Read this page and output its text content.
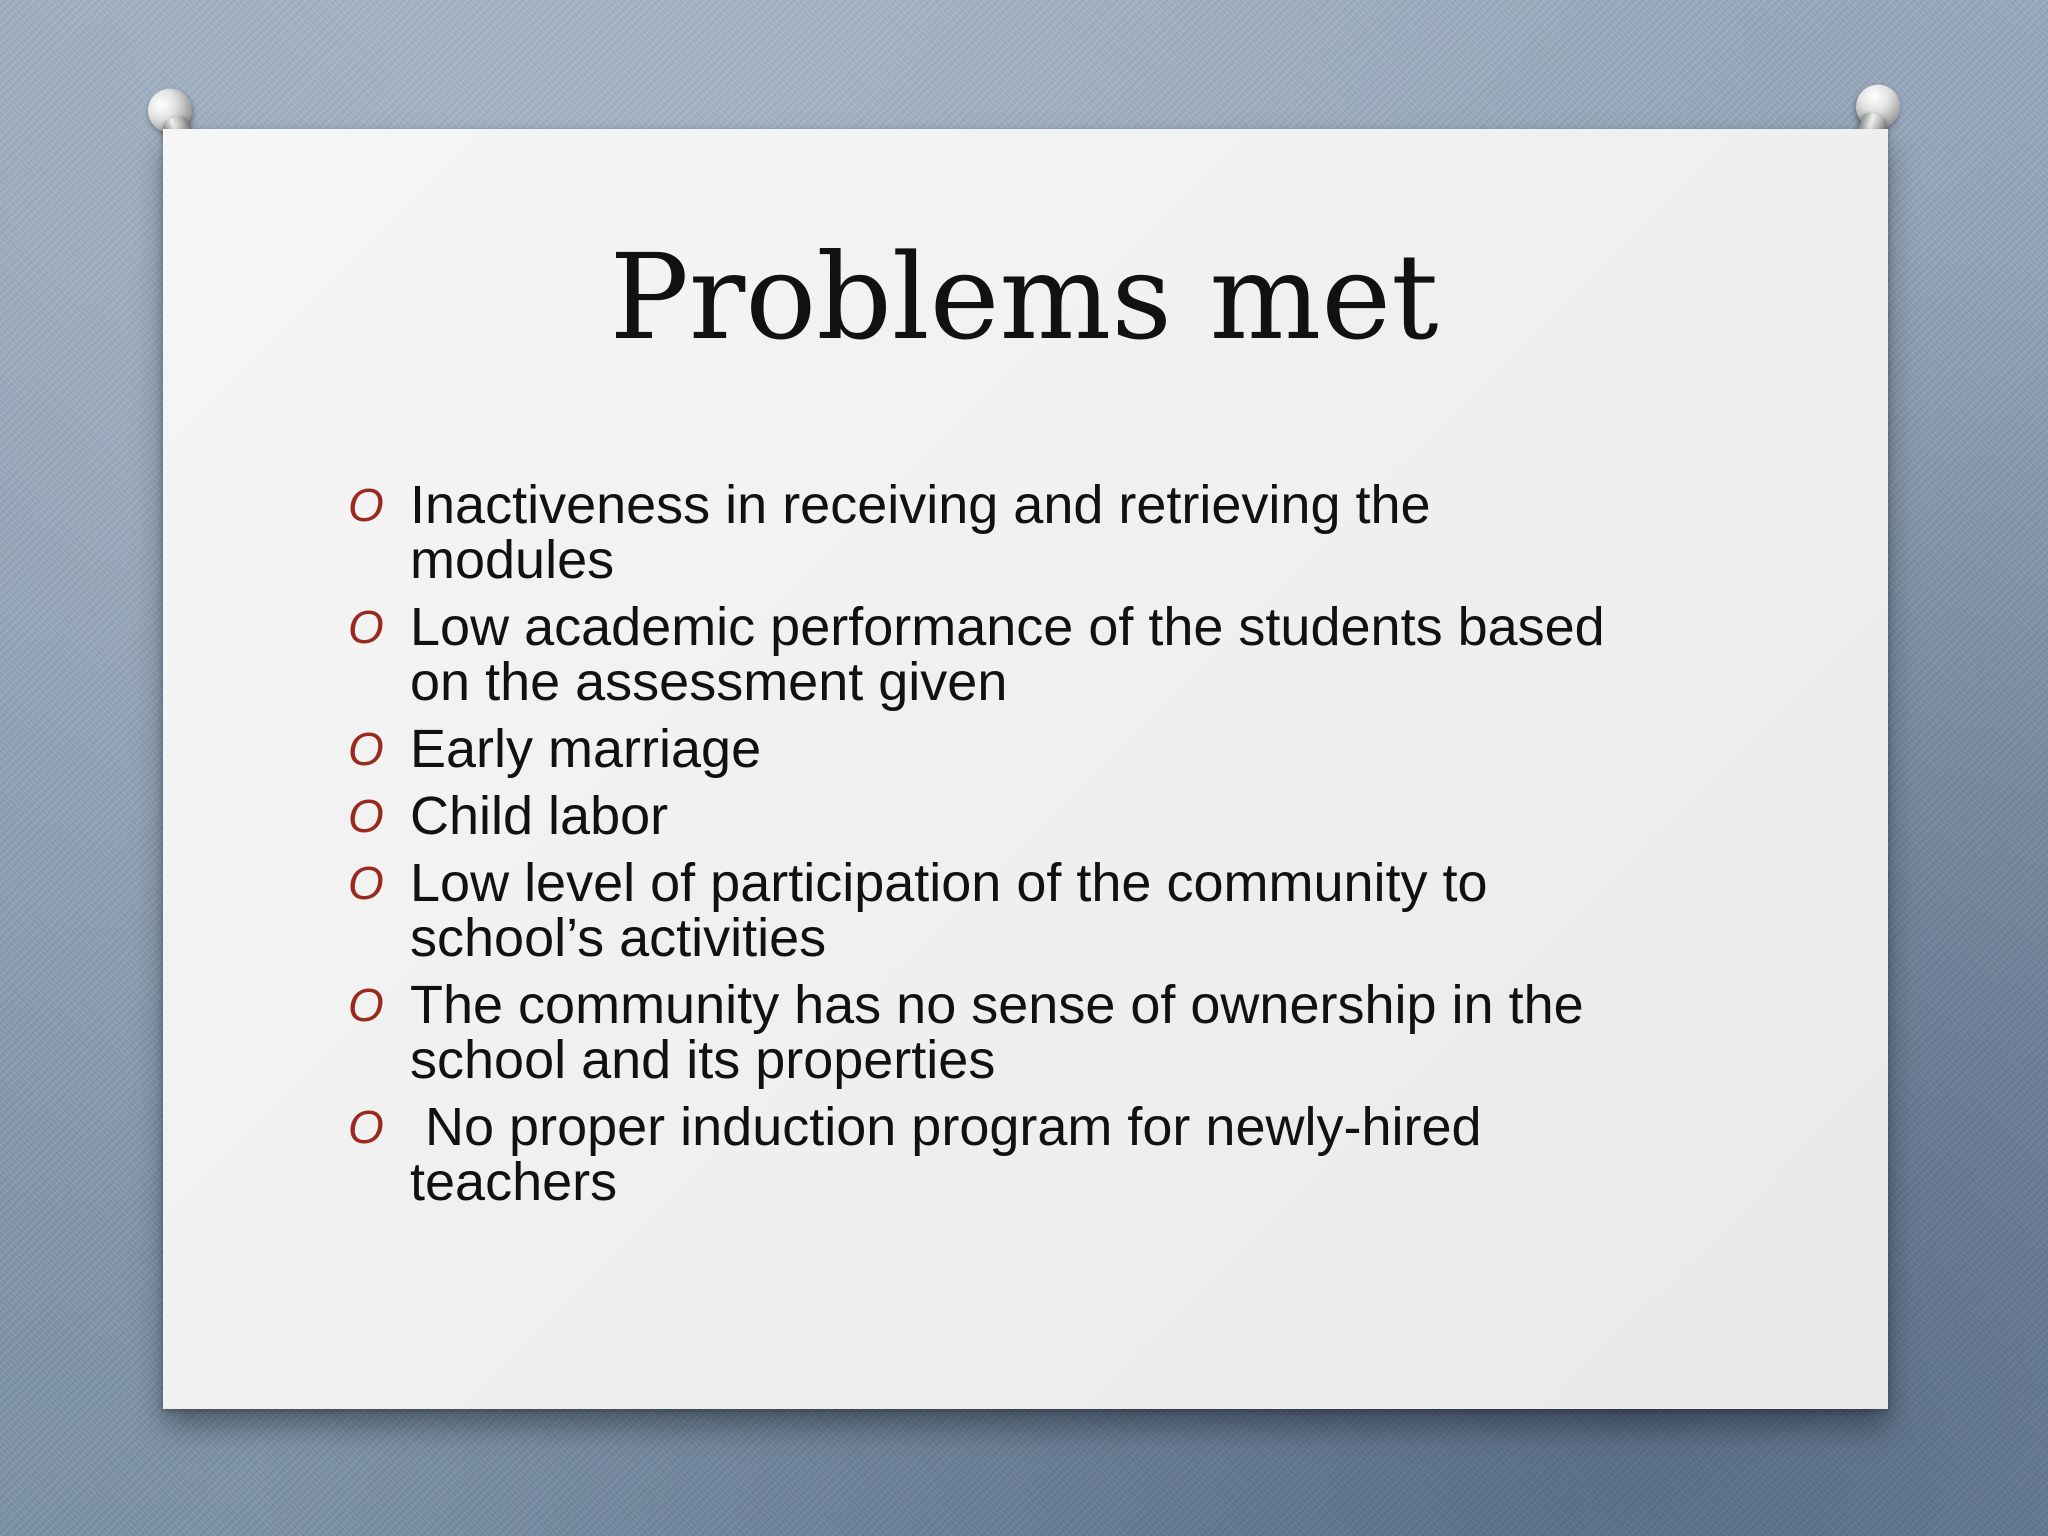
Problems met
O Inactiveness in receiving and retrieving the
modules
O Low academic performance of the students based
on the assessment given
O Early marriage
O Child labor
O Low level of participation of the community to
school’s activities
O The community has no sense of ownership in the
school and its properties
O No proper induction program for newly-hired
teachers
